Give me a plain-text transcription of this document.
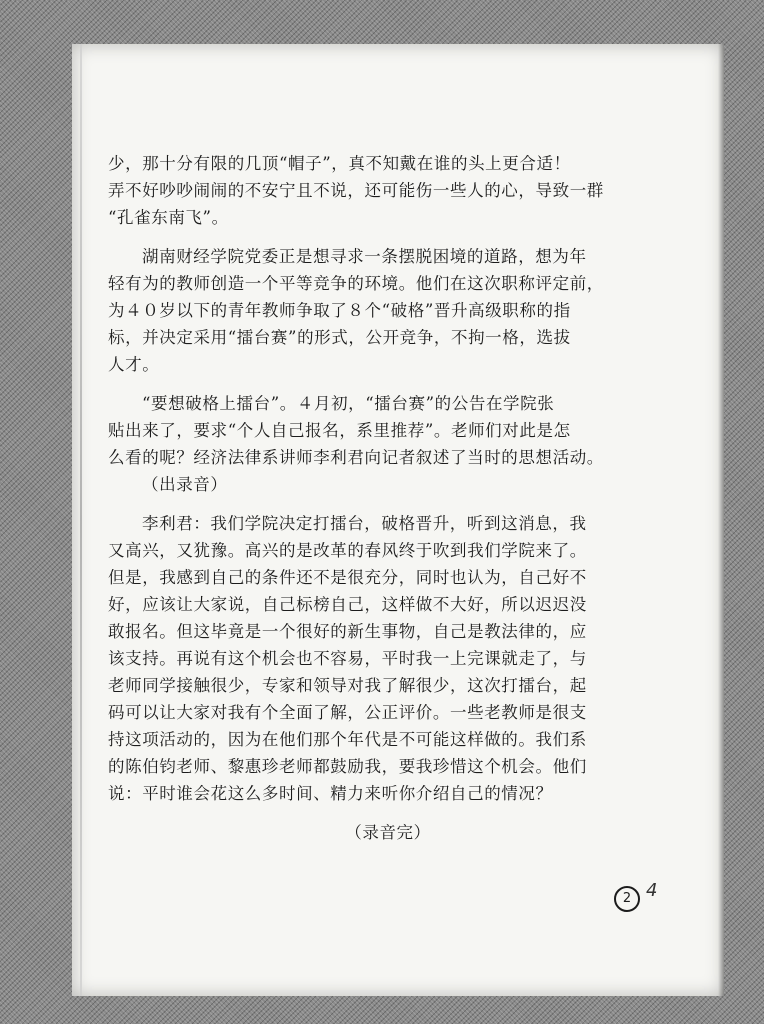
少，那十分有限的几顶“帽子”，真不知戴在谁的头上更合适！
弄不好吵吵闹闹的不安宁且不说，还可能伤一些人的心，导致一群
“孔雀东南飞”。
湖南财经学院党委正是想寻求一条摆脱困境的道路，想为年
轻有为的教师创造一个平等竞争的环境。他们在这次职称评定前，
为４０岁以下的青年教师争取了８个“破格”晋升高级职称的指
标，并决定采用“擂台赛”的形式，公开竞争，不拘一格，选拔
人才。
“要想破格上擂台”。４月初，“擂台赛”的公告在学院张
贴出来了，要求“个人自己报名，系里推荐”。老师们对此是怎
么看的呢？经济法律系讲师李利君向记者叙述了当时的思想活动。
（出录音）
李利君：我们学院决定打擂台，破格晋升，听到这消息，我
又高兴，又犹豫。高兴的是改革的春风终于吹到我们学院来了。
但是，我感到自己的条件还不是很充分，同时也认为，自己好不
好，应该让大家说，自己标榜自己，这样做不大好，所以迟迟没
敢报名。但这毕竟是一个很好的新生事物，自己是教法律的，应
该支持。再说有这个机会也不容易，平时我一上完课就走了，与
老师同学接触很少，专家和领导对我了解很少，这次打擂台，起
码可以让大家对我有个全面了解，公正评价。一些老教师是很支
持这项活动的，因为在他们那个年代是不可能这样做的。我们系
的陈伯钧老师、黎惠珍老师都鼓励我，要我珍惜这个机会。他们
说：平时谁会花这么多时间、精力来听你介绍自己的情况？
（录音完）
2 4
